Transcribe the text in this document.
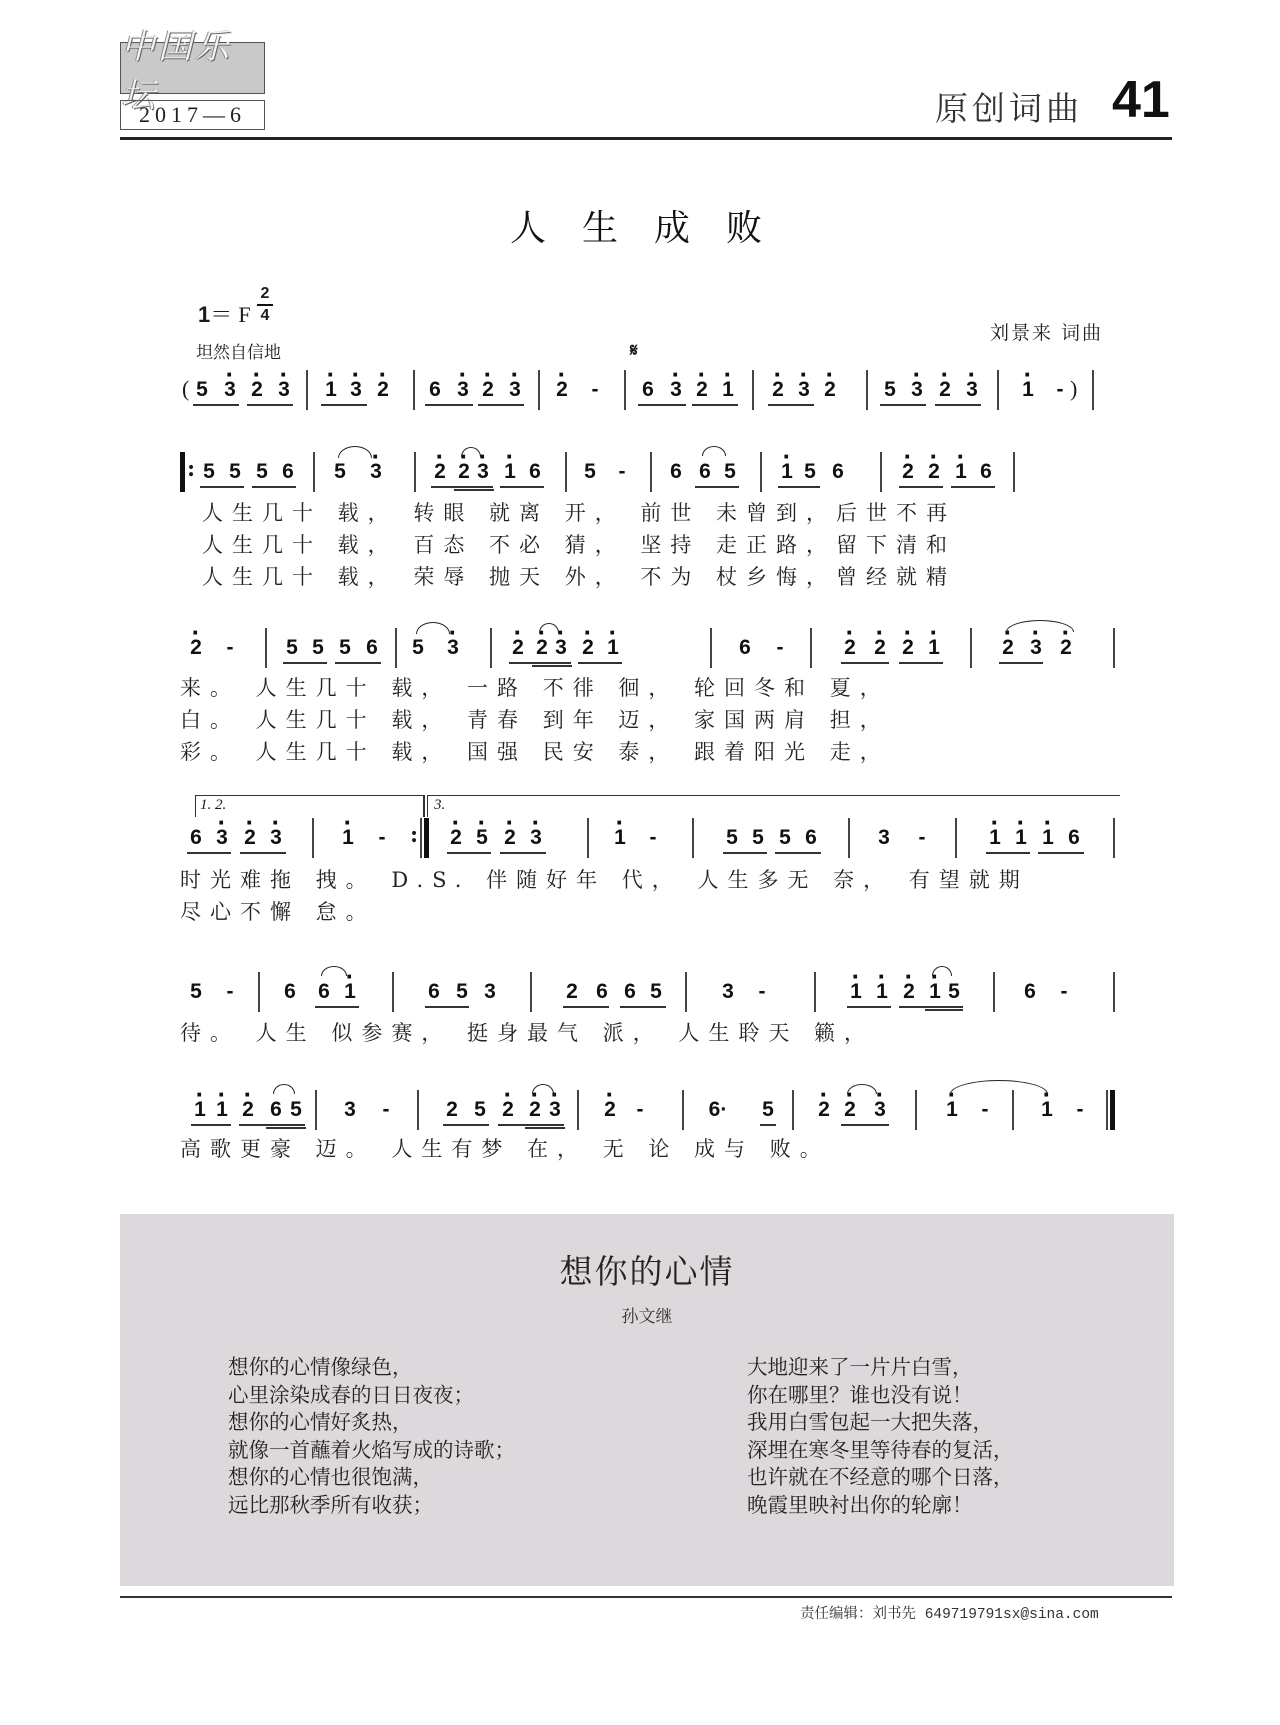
中国乐坛
2017—6	原创词曲 41
人生成败
1＝ F
2
4
坦然自信地
刘景来 词曲
𝄋
( 5 · 3 · 2 · 3 · 1 · 3 · 2 6 · 3 · 2 · 3 · 2	-	6 · 3 · 2 · 1 · 2 · 3 · 2 5 · 3 · 2 · 3 · 1	- )
: 5 5 5 6 5 · 3 · 2 · 2 · 3 · 1 6 5	-	6 6 5 · 1 5 6	· 2 · 2 · 1 6
人生几十 载， 转眼 就离 开， 前世 未曾到，后世不再
人生几十 载， 百态 不必 猜， 坚持 走正路，留下清和
人生几十 载， 荣辱 抛天 外， 不为 杖乡悔，曾经就精
· 2	-	5 5 5 6 5 · 3	· 2 · 2 · 3 · 2 · 1	6	-	· 2 · 2 · 2 · 1	· 2 · 3 · 2
来。 人生几十 载， 一路 不徘 徊， 轮回冬和 夏，
白。 人生几十 载， 青春 到年 迈， 家国两肩 担，
彩。 人生几十 载， 国强 民安 泰， 跟着阳光 走，
1. 2.	3.
6 · 3 · 2 · 3	· 1	- : · 2 · 5 · 2 · 3	· 1	-	5 5 5 6	3	-	· 1 · 1 · 1 6
时光难拖 拽。 D.S. 伴随好年 代， 人生多无 奈， 有望就期
尽心不懈 怠。
5	-	6 6 · 1	6 5 3	2 6 6 5	3	-	· 1 · 1 · 2 · 1 5	6	-
待。 人生 似参赛， 挺身最气 派， 人生聆天 籁，
· 1 · 1 · 2 6 5 3	-	2 5 · 2 · 2 · 3 · 2 -	6· 5 · 2 · 2 · 3	· 1	-	· 1	-
高歌更豪 迈。 人生有梦 在， 无 论 成与 败。
想你的心情
孙文继
想你的心情像绿色，
心里涂染成春的日日夜夜；
想你的心情好炙热，
就像一首蘸着火焰写成的诗歌；
想你的心情也很饱满，
远比那秋季所有收获；
大地迎来了一片片白雪，
你在哪里？谁也没有说！
我用白雪包起一大把失落，
深埋在寒冬里等待春的复活，
也许就在不经意的哪个日落，
晚霞里映衬出你的轮廓！
责任编辑：刘书先 649719791sx@sina.com
